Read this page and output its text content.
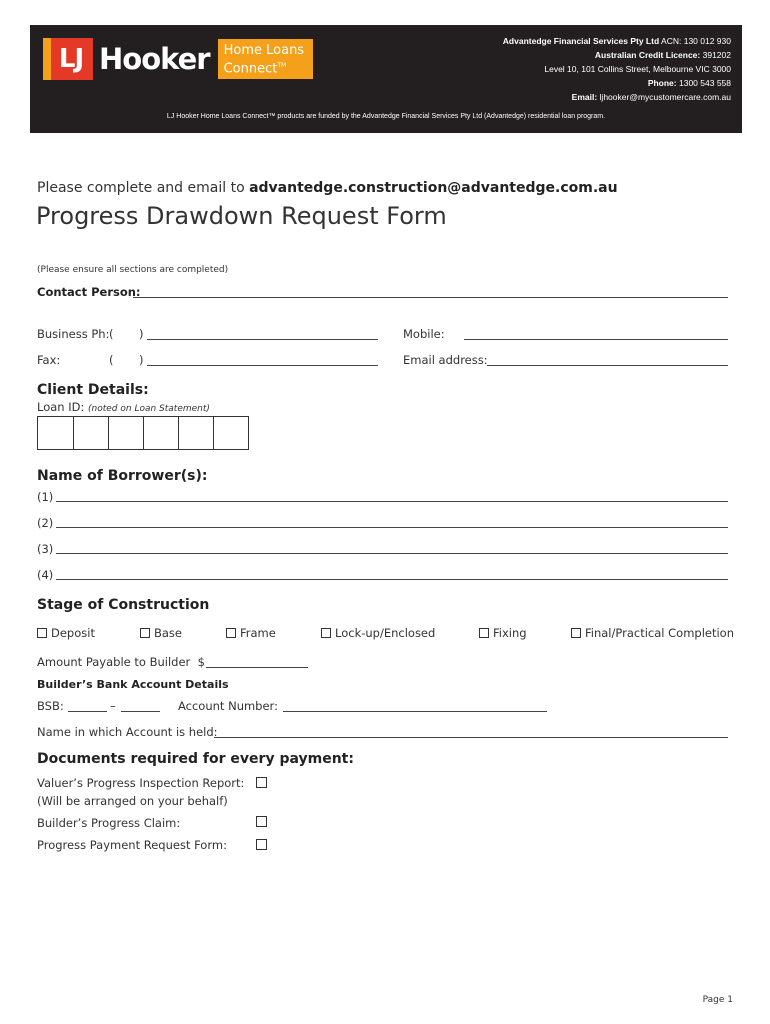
LJ Hooker Home Loans
Connect™
Advantedge Financial Services Pty Ltd ACN: 130 012 930
Australian Credit Licence: 391202
Level 10, 101 Collins Street, Melbourne VIC 3000
Phone: 1300 543 558
Email: ljhooker@mycustomercare.com.au
LJ Hooker Home Loans Connect™ products are funded by the Advantedge Financial Services Pty Ltd (Advantedge) residential loan program.
Please complete and email to advantedge.construction@advantedge.com.au
Progress Drawdown Request Form
(Please ensure all sections are completed)
Contact Person:
Business Ph: ( )	Mobile:
Fax:	( )	Email address:
Client Details:
Loan ID: (noted on Loan Statement)
Name of Borrower(s):
(1)
(2)
(3)
(4)
Stage of Construction
Deposit	Base	Frame	Lock-up/Enclosed	Fixing	Final/Practical Completion
Amount Payable to Builder $
Builder’s Bank Account Details
BSB:	–	Account Number:
Name in which Account is held:
Documents required for every payment:
Valuer’s Progress Inspection Report:
(Will be arranged on your behalf)
Builder’s Progress Claim:
Progress Payment Request Form:
Page 1
